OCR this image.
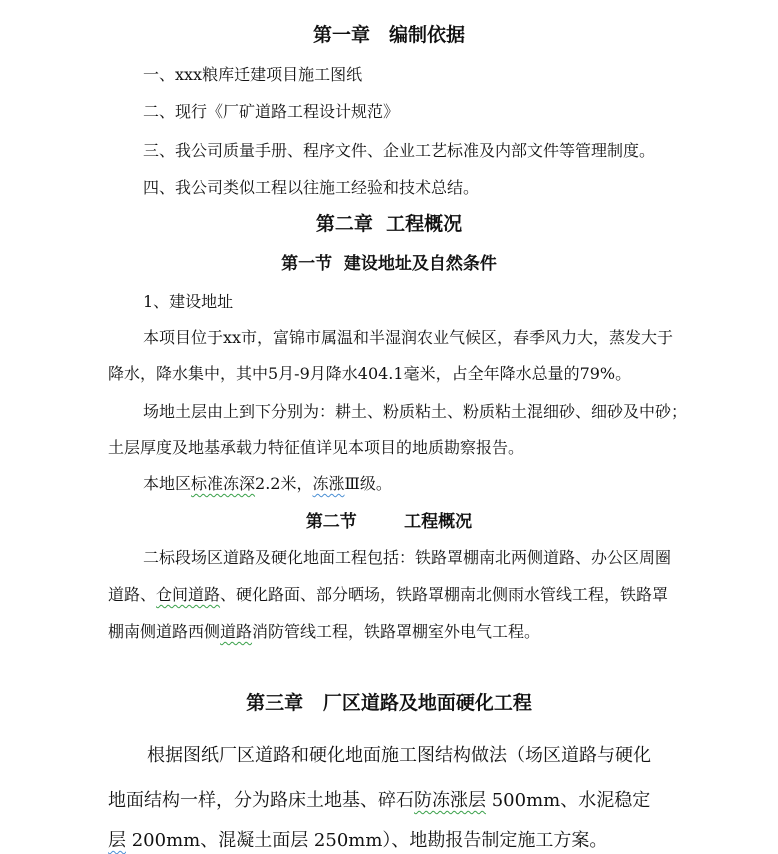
第一章　编制依据
一、xxx粮库迁建项目施工图纸
二、现行《厂矿道路工程设计规范》
三、我公司质量手册、程序文件、企业工艺标准及内部文件等管理制度。
四、我公司类似工程以往施工经验和技术总结。
第二章  工程概况
第一节  建设地址及自然条件
1、建设地址
本项目位于xx市，富锦市属温和半湿润农业气候区，春季风力大，蒸发大于
降水，降水集中，其中5月-9月降水404.1毫米，占全年降水总量的79%。
场地土层由上到下分别为：耕土、粉质粘土、粉质粘土混细砂、细砂及中砂；
土层厚度及地基承载力特征值详见本项目的地质勘察报告。
本地区标准冻深2.2米，冻涨Ⅲ级。
第二节        工程概况
二标段场区道路及硬化地面工程包括：铁路罩棚南北两侧道路、办公区周圈
道路、仓间道路、硬化路面、部分晒场，铁路罩棚南北侧雨水管线工程，铁路罩
棚南侧道路西侧道路消防管线工程，铁路罩棚室外电气工程。
第三章   厂区道路及地面硬化工程
根据图纸厂区道路和硬化地面施工图结构做法（场区道路与硬化
地面结构一样，分为路床土地基、碎石防冻涨层 500mm、水泥稳定
层 200mm、混凝土面层 250mm）、地勘报告制定施工方案。
